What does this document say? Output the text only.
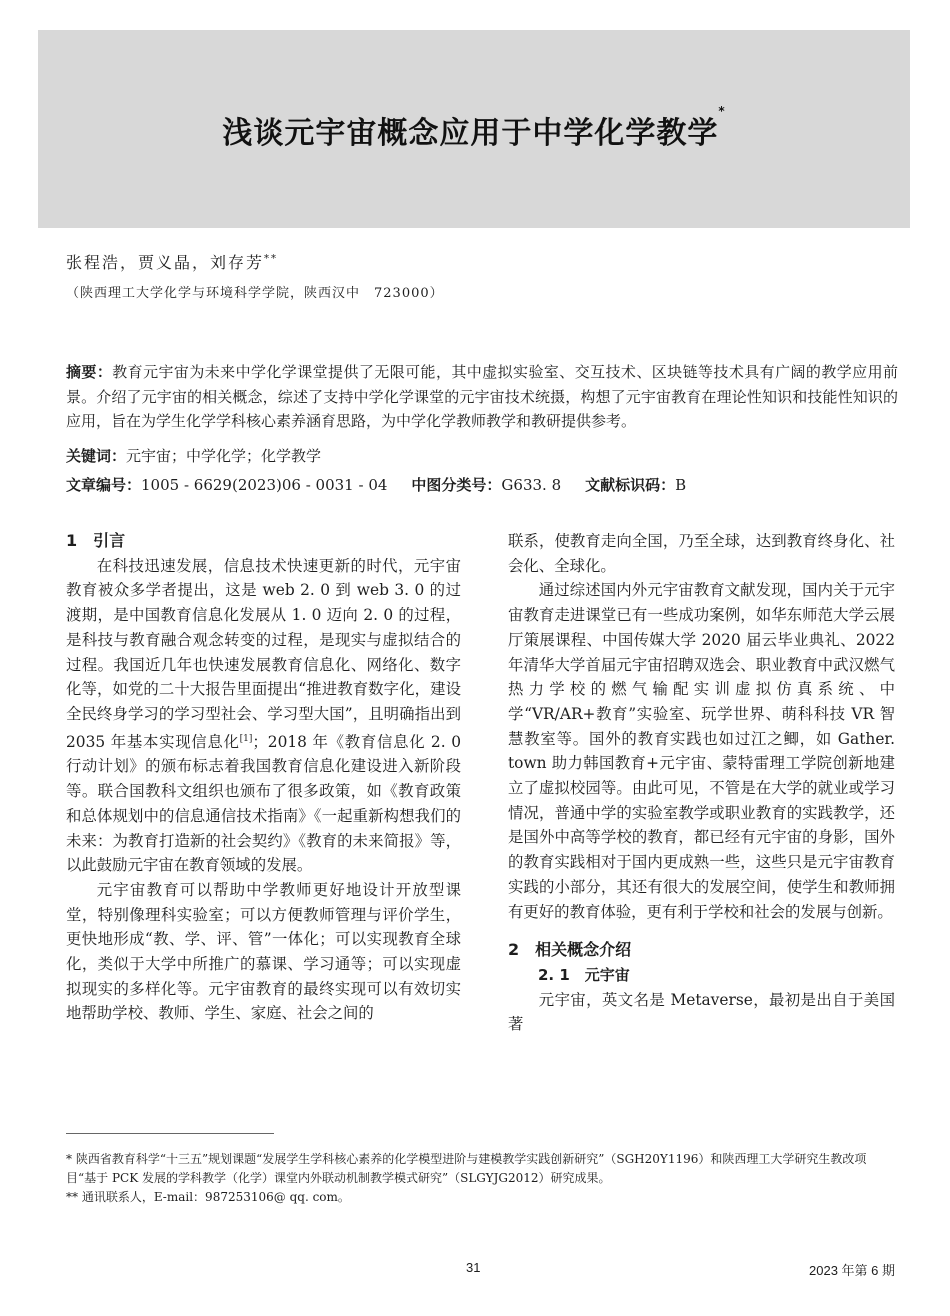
浅谈元宇宙概念应用于中学化学教学*
张程浩，贾义晶，刘存芳**
（陕西理工大学化学与环境科学学院，陕西汉中　723000）
摘要：教育元宇宙为未来中学化学课堂提供了无限可能，其中虚拟实验室、交互技术、区块链等技术具有广阔的教学应用前景。介绍了元宇宙的相关概念，综述了支持中学化学课堂的元宇宙技术统摄，构想了元宇宙教育在理论性知识和技能性知识的应用，旨在为学生化学学科核心素养涵育思路，为中学化学教师教学和教研提供参考。
关键词：元宇宙；中学化学；化学教学
文章编号：1005 - 6629(2023)06 - 0031 - 04 中图分类号：G633. 8 文献标识码：B
1　引言

在科技迅速发展，信息技术快速更新的时代，元宇宙教育被众多学者提出，这是 web 2. 0 到 web 3. 0 的过渡期，是中国教育信息化发展从 1. 0 迈向 2. 0 的过程，是科技与教育融合观念转变的过程，是现实与虚拟结合的过程。我国近几年也快速发展教育信息化、网络化、数字化等，如党的二十大报告里面提出“推进教育数字化，建设全民终身学习的学习型社会、学习型大国”，且明确指出到 2035 年基本实现信息化[1]；2018 年《教育信息化 2. 0 行动计划》的颁布标志着我国教育信息化建设进入新阶段等。联合国教科文组织也颁布了很多政策，如《教育政策和总体规划中的信息通信技术指南》《一起重新构想我们的未来：为教育打造新的社会契约》《教育的未来简报》等，以此鼓励元宇宙在教育领域的发展。

元宇宙教育可以帮助中学教师更好地设计开放型课堂，特别像理科实验室；可以方便教师管理与评价学生，更快地形成“教、学、评、管”一体化；可以实现教育全球化，类似于大学中所推广的慕课、学习通等；可以实现虚拟现实的多样化等。元宇宙教育的最终实现可以有效切实地帮助学校、教师、学生、家庭、社会之间的

联系，使教育走向全国，乃至全球，达到教育终身化、社会化、全球化。

通过综述国内外元宇宙教育文献发现，国内关于元宇宙教育走进课堂已有一些成功案例，如华东师范大学云展厅策展课程、中国传媒大学 2020 届云毕业典礼、2022 年清华大学首届元宇宙招聘双选会、职业教育中武汉燃气热力学校的燃气输配实训虚拟仿真系统、中学“VR/AR+教育”实验室、玩学世界、萌科科技 VR 智慧教室等。国外的教育实践也如过江之鲫，如 Gather. town 助力韩国教育+元宇宙、蒙特雷理工学院创新地建立了虚拟校园等。由此可见，不管是在大学的就业或学习情况，普通中学的实验室教学或职业教育的实践教学，还是国外中高等学校的教育，都已经有元宇宙的身影，国外的教育实践相对于国内更成熟一些，这些只是元宇宙教育实践的小部分，其还有很大的发展空间，使学生和教师拥有更好的教育体验，更有利于学校和社会的发展与创新。

2　相关概念介绍
2. 1　元宇宙

元宇宙，英文名是 Metaverse，最初是出自于美国著

* 陕西省教育科学“十三五”规划课题“发展学生学科核心素养的化学模型进阶与建模教学实践创新研究”（SGH20Y1196）和陕西理工大学研究生教改项目“基于 PCK 发展的学科教学（化学）课堂内外联动机制教学模式研究”（SLGYJG2012）研究成果。
** 通讯联系人，E-mail：987253106@ qq. com。
31	2023 年第 6 期
